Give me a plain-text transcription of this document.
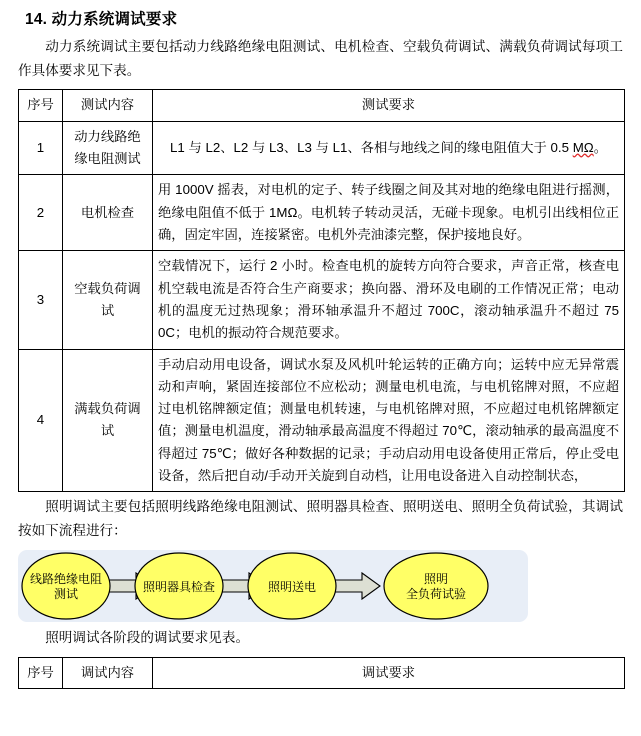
14. 动力系统调试要求

动力系统调试主要包括动力线路绝缘电阻测试、电机检查、空载负荷调试、满载负荷调试每项工作具体要求见下表。

序号	测试内容	测试要求
1	动力线路绝缘电阻测试	L1 与 L2、L2 与 L3、L3 与 L1、各相与地线之间的缘电阻值大于 0.5 MΩ。
2	电机检查	用 1000V 摇表，对电机的定子、转子线圈之间及其对地的绝缘电阻进行摇测，绝缘电阻值不低于 1MΩ。电机转子转动灵活，无碰卡现象。电机引出线相位正确，固定牢固，连接紧密。电机外壳油漆完整，保护接地良好。
3	空载负荷调试	空载情况下，运行 2 小时。检查电机的旋转方向符合要求，声音正常，核查电机空载电流是否符合生产商要求；换向器、滑环及电刷的工作情况正常；电动机的温度无过热现象；滑环轴承温升不超过 700C，滚动轴承温升不超过 75 0C；电机的振动符合规范要求。
4	满载负荷调试	手动启动用电设备，调试水泵及风机叶轮运转的正确方向；运转中应无异常震动和声响，紧固连接部位不应松动；测量电机电流，与电机铭牌对照，不应超过电机铭牌额定值；测量电机转速，与电机铭牌对照，不应超过电机铭牌额定值；测量电机温度，滑动轴承最高温度不得超过 70℃，滚动轴承的最高温度不得超过 75℃；做好各种数据的记录；手动启动用电设备使用正常后，停止受电设备，然后把自动/手动开关旋到自动档，让用电设备进入自动控制状态，

照明调试主要包括照明线路绝缘电阻测试、照明器具检查、照明送电、照明全负荷试验，其调试按如下流程进行：

线路绝缘电阻
测试	照明器具检查	照明送电
照明
全负荷试验

照明调试各阶段的调试要求见表。

序号	调试内容	调试要求
